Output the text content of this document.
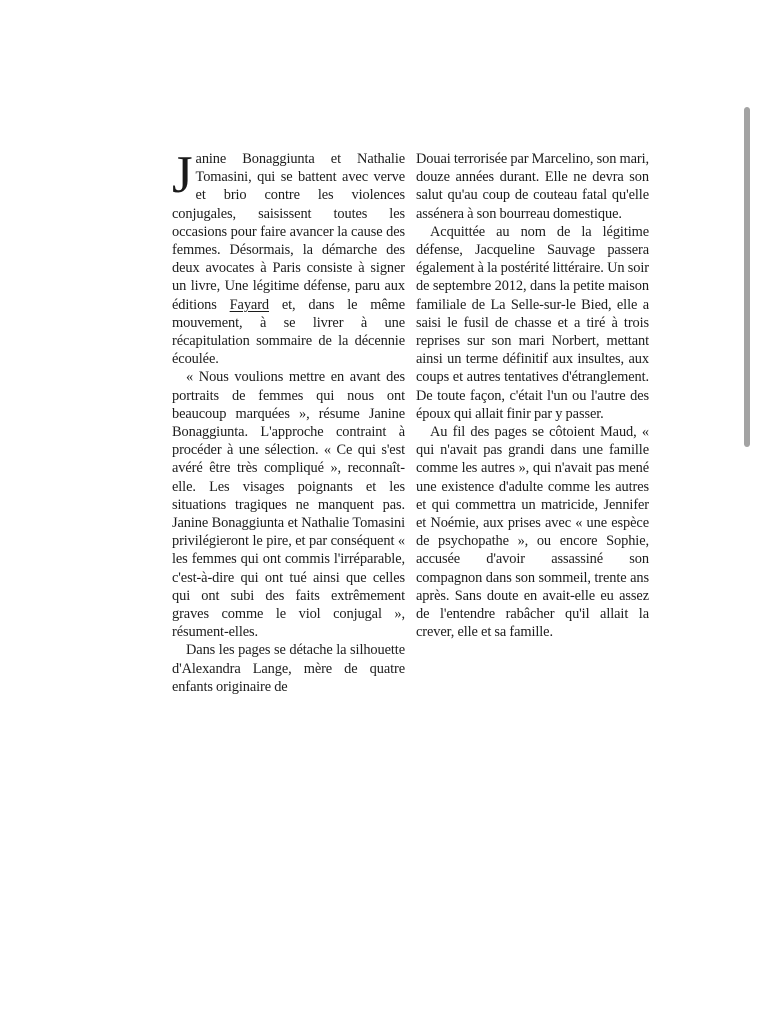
Janine Bonaggiunta et Nathalie Tomasini, qui se battent avec verve et brio contre les violences conjugales, saisissent toutes les occasions pour faire avancer la cause des femmes. Désormais, la démarche des deux avocates à Paris consiste à signer un livre, Une légitime défense, paru aux éditions Fayard et, dans le même mouvement, à se livrer à une récapitulation sommaire de la décennie écoulée.

« Nous voulions mettre en avant des portraits de femmes qui nous ont beaucoup marquées », résume Janine Bonaggiunta. L'approche contraint à procéder à une sélection. « Ce qui s'est avéré être très compliqué », reconnaît-elle. Les visages poignants et les situations tragiques ne manquent pas. Janine Bonaggiunta et Nathalie Tomasini privilégieront le pire, et par conséquent « les femmes qui ont commis l'irréparable, c'est-à-dire qui ont tué ainsi que celles qui ont subi des faits extrêmement graves comme le viol conjugal », résument-elles.

Dans les pages se détache la silhouette d'Alexandra Lange, mère de quatre enfants originaire de

Douai terrorisée par Marcelino, son mari, douze années durant. Elle ne devra son salut qu'au coup de couteau fatal qu'elle assénera à son bourreau domestique.

Acquittée au nom de la légitime défense, Jacqueline Sauvage passera également à la postérité littéraire. Un soir de septembre 2012, dans la petite maison familiale de La Selle-sur-le Bied, elle a saisi le fusil de chasse et a tiré à trois reprises sur son mari Norbert, mettant ainsi un terme définitif aux insultes, aux coups et autres tentatives d'étranglement. De toute façon, c'était l'un ou l'autre des époux qui allait finir par y passer.

Au fil des pages se côtoient Maud, « qui n'avait pas grandi dans une famille comme les autres », qui n'avait pas mené une existence d'adulte comme les autres et qui commettra un matricide, Jennifer et Noémie, aux prises avec « une espèce de psychopathe », ou encore Sophie, accusée d'avoir assassiné son compagnon dans son sommeil, trente ans après. Sans doute en avait-elle eu assez de l'entendre rabâcher qu'il allait la crever, elle et sa famille.
